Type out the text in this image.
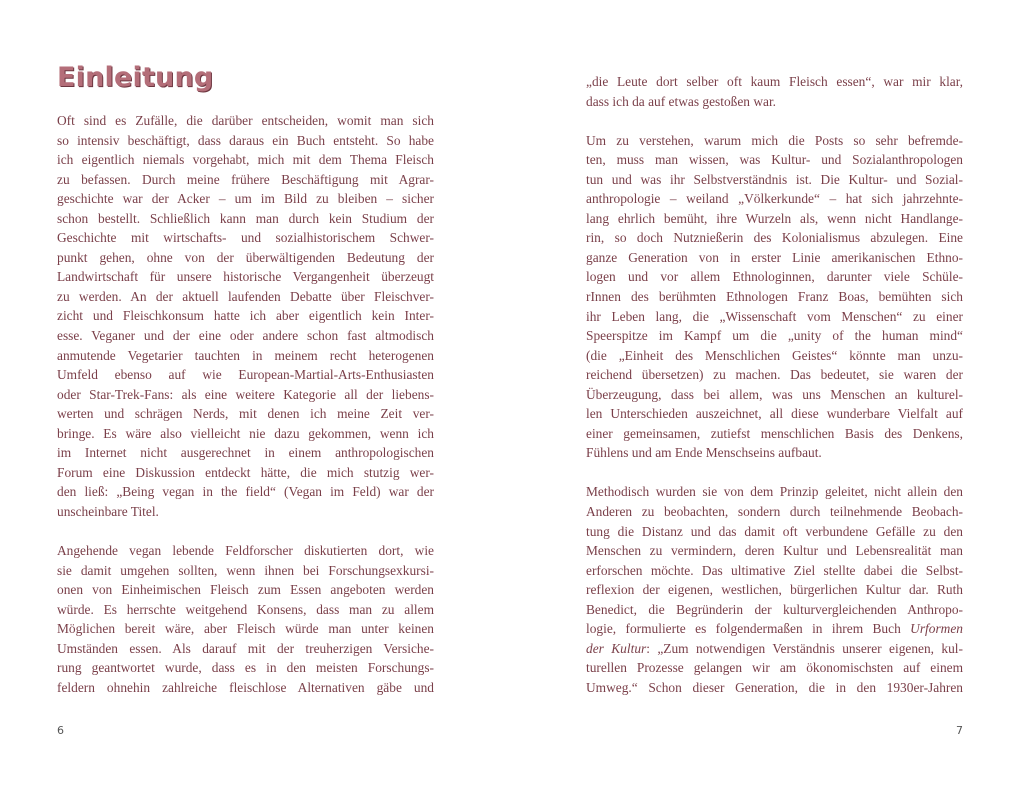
Einleitung
Oft sind es Zufälle, die darüber entscheiden, womit man sich
so intensiv beschäftigt, dass daraus ein Buch entsteht. So habe
ich eigentlich niemals vorgehabt, mich mit dem Thema Fleisch
zu befassen. Durch meine frühere Beschäftigung mit Agrar-
geschichte war der Acker – um im Bild zu bleiben – sicher
schon bestellt. Schließlich kann man durch kein Studium der
Geschichte mit wirtschafts- und sozialhistorischem Schwer-
punkt gehen, ohne von der überwältigenden Bedeutung der
Landwirtschaft für unsere historische Vergangenheit überzeugt
zu werden. An der aktuell laufenden Debatte über Fleischver-
zicht und Fleischkonsum hatte ich aber eigentlich kein Inter-
esse. Veganer und der eine oder andere schon fast altmodisch
anmutende Vegetarier tauchten in meinem recht heterogenen
Umfeld ebenso auf wie European-Martial-Arts-Enthusiasten
oder Star-Trek-Fans: als eine weitere Kategorie all der liebens-
werten und schrägen Nerds, mit denen ich meine Zeit ver-
bringe. Es wäre also vielleicht nie dazu gekommen, wenn ich
im Internet nicht ausgerechnet in einem anthropologischen
Forum eine Diskussion entdeckt hätte, die mich stutzig wer-
den ließ: „Being vegan in the field“ (Vegan im Feld) war der
unscheinbare Titel.
Angehende vegan lebende Feldforscher diskutierten dort, wie
sie damit umgehen sollten, wenn ihnen bei Forschungsexkursi-
onen von Einheimischen Fleisch zum Essen angeboten werden
würde. Es herrschte weitgehend Konsens, dass man zu allem
Möglichen bereit wäre, aber Fleisch würde man unter keinen
Umständen essen. Als darauf mit der treuherzigen Versiche-
rung geantwortet wurde, dass es in den meisten Forschungs-
feldern ohnehin zahlreiche fleischlose Alternativen gäbe und
6
„die Leute dort selber oft kaum Fleisch essen“, war mir klar,
dass ich da auf etwas gestoßen war.
Um zu verstehen, warum mich die Posts so sehr befremde-
ten, muss man wissen, was Kultur- und Sozialanthropologen
tun und was ihr Selbstverständnis ist. Die Kultur- und Sozial-
anthropologie – weiland „Völkerkunde“ – hat sich jahrzehnte-
lang ehrlich bemüht, ihre Wurzeln als, wenn nicht Handlange-
rin, so doch Nutznießerin des Kolonialismus abzulegen. Eine
ganze Generation von in erster Linie amerikanischen Ethno-
logen und vor allem Ethnologinnen, darunter viele Schüle-
rInnen des berühmten Ethnologen Franz Boas, bemühten sich
ihr Leben lang, die „Wissenschaft vom Menschen“ zu einer
Speerspitze im Kampf um die „unity of the human mind“
(die „Einheit des Menschlichen Geistes“ könnte man unzu-
reichend übersetzen) zu machen. Das bedeutet, sie waren der
Überzeugung, dass bei allem, was uns Menschen an kulturel-
len Unterschieden auszeichnet, all diese wunderbare Vielfalt auf
einer gemeinsamen, zutiefst menschlichen Basis des Denkens,
Fühlens und am Ende Menschseins aufbaut.
Methodisch wurden sie von dem Prinzip geleitet, nicht allein den
Anderen zu beobachten, sondern durch teilnehmende Beobach-
tung die Distanz und das damit oft verbundene Gefälle zu den
Menschen zu vermindern, deren Kultur und Lebensrealität man
erforschen möchte. Das ultimative Ziel stellte dabei die Selbst-
reflexion der eigenen, westlichen, bürgerlichen Kultur dar. Ruth
Benedict, die Begründerin der kulturvergleichenden Anthropo-
logie, formulierte es folgendermaßen in ihrem Buch Urformen
der Kultur: „Zum notwendigen Verständnis unserer eigenen, kul-
turellen Prozesse gelangen wir am ökonomischsten auf einem
Umweg.“ Schon dieser Generation, die in den 1930er-Jahren
7
